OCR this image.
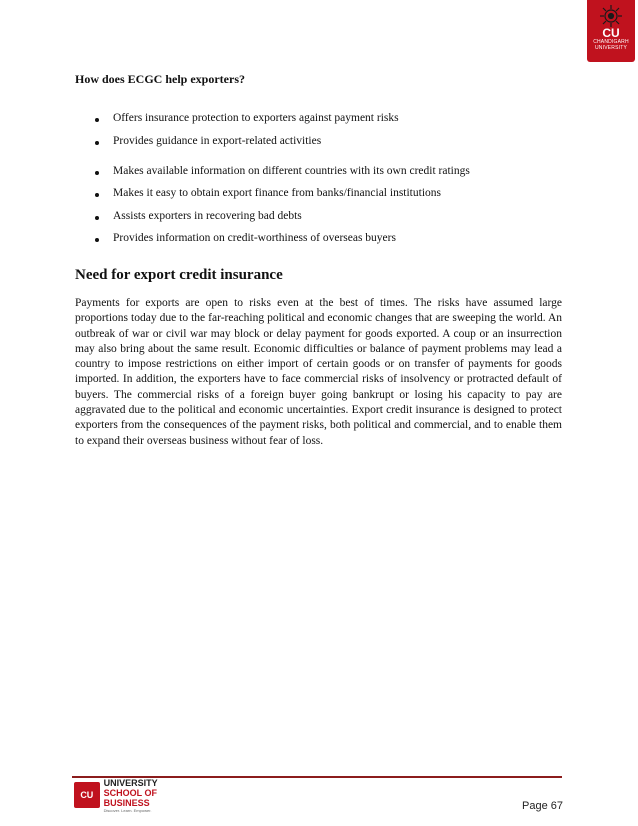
CU
CHANDIGARH
UNIVERSITY
How does ECGC help exporters?
Offers insurance protection to exporters against payment risks
Provides guidance in export-related activities
Makes available information on different countries with its own credit ratings
Makes it easy to obtain export finance from banks/financial institutions
Assists exporters in recovering bad debts
Provides information on credit-worthiness of overseas buyers
Need for export credit insurance

Payments for exports are open to risks even at the best of times. The risks have assumed large proportions today due to the far-reaching political and economic changes that are sweeping the world. An outbreak of war or civil war may block or delay payment for goods exported. A coup or an insurrection may also bring about the same result. Economic difficulties or balance of payment problems may lead a country to impose restrictions on either import of certain goods or on transfer of payments for goods imported. In addition, the exporters have to face commercial risks of insolvency or protracted default of buyers. The commercial risks of a foreign buyer going bankrupt or losing his capacity to pay are aggravated due to the political and economic uncertainties. Export credit insurance is designed to protect exporters from the consequences of the payment risks, both political and commercial, and to enable them to expand their overseas business without fear of loss.

CU
UNIVERSITY
SCHOOL OF BUSINESS
Discover. Learn. Empower.	Page 67
